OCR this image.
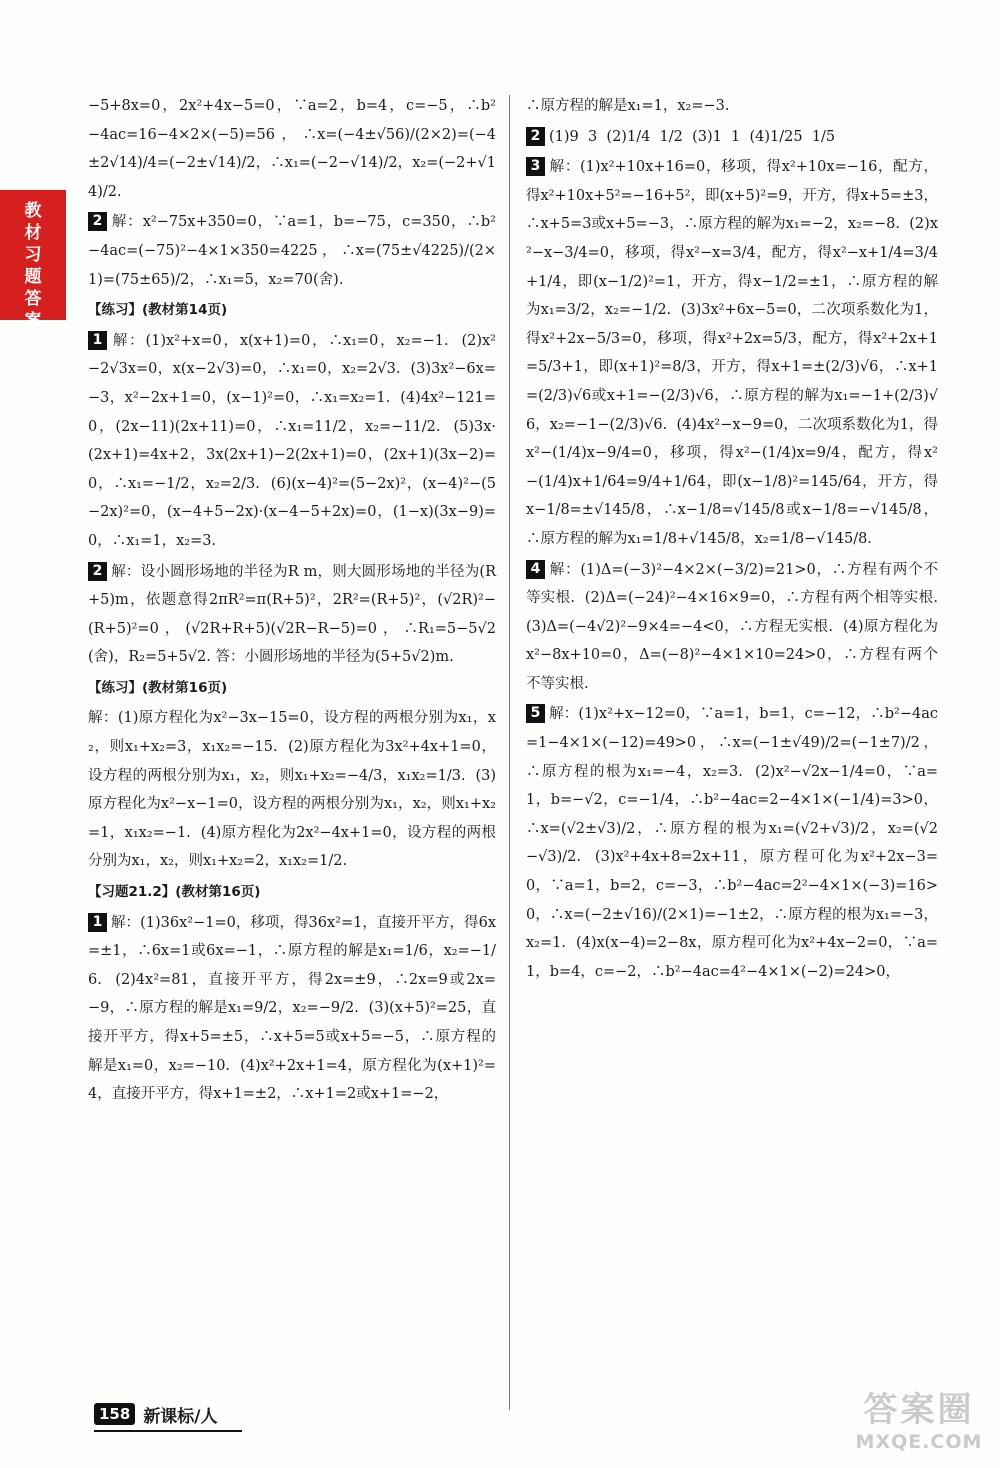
教材习题答案
−5+8x=0，2x²+4x−5=0，∵a=2，b=4，c=−5，∴b²−4ac=16−4×2×(−5)=56，∴x=(−4±√56)/(2×2)=(−4±2√14)/4=(−2±√14)/2，∴x₁=(−2−√14)/2，x₂=(−2+√14)/2.
2 解：x²−75x+350=0，∵a=1，b=−75，c=350，∴b²−4ac=(−75)²−4×1×350=4225，∴x=(75±√4225)/(2×1)=(75±65)/2，∴x₁=5，x₂=70(舍).
【练习】(教材第14页)
1 解：(1)x²+x=0，x(x+1)=0，∴x₁=0，x₂=−1.  (2)x²−2√3x=0，x(x−2√3)=0，∴x₁=0，x₂=2√3.  (3)3x²−6x=−3，x²−2x+1=0，(x−1)²=0，∴x₁=x₂=1.  (4)4x²−121=0，(2x−11)(2x+11)=0，∴x₁=11/2，x₂=−11/2.  (5)3x·(2x+1)=4x+2，3x(2x+1)−2(2x+1)=0，(2x+1)(3x−2)=0，∴x₁=−1/2，x₂=2/3.  (6)(x−4)²=(5−2x)²，(x−4)²−(5−2x)²=0，(x−4+5−2x)·(x−4−5+2x)=0，(1−x)(3x−9)=0，∴x₁=1，x₂=3.
2 解：设小圆形场地的半径为R m，则大圆形场地的半径为(R+5)m，依题意得2πR²=π(R+5)²，2R²=(R+5)²，(√2R)²−(R+5)²=0，(√2R+R+5)(√2R−R−5)=0，∴R₁=5−5√2(舍)，R₂=5+5√2. 答：小圆形场地的半径为(5+5√2)m.
【练习】(教材第16页)
解：(1)原方程化为x²−3x−15=0，设方程的两根分别为x₁，x₂，则x₁+x₂=3，x₁x₂=−15.  (2)原方程化为3x²+4x+1=0，设方程的两根分别为x₁，x₂，则x₁+x₂=−4/3，x₁x₂=1/3.  (3)原方程化为x²−x−1=0，设方程的两根分别为x₁，x₂，则x₁+x₂=1，x₁x₂=−1.  (4)原方程化为2x²−4x+1=0，设方程的两根分别为x₁，x₂，则x₁+x₂=2，x₁x₂=1/2.
【习题21.2】(教材第16页)
1 解：(1)36x²−1=0，移项，得36x²=1，直接开平方，得6x=±1，∴6x=1或6x=−1，∴原方程的解是x₁=1/6，x₂=−1/6.  (2)4x²=81，直接开平方，得2x=±9，∴2x=9或2x=−9，∴原方程的解是x₁=9/2，x₂=−9/2.  (3)(x+5)²=25，直接开平方，得x+5=±5，∴x+5=5或x+5=−5，∴原方程的解是x₁=0，x₂=−10.  (4)x²+2x+1=4，原方程化为(x+1)²=4，直接开平方，得x+1=±2，∴x+1=2或x+1=−2，
∴原方程的解是x₁=1，x₂=−3.
2 (1)9  3  (2)1/4  1/2  (3)1  1  (4)1/25  1/5
3 解：(1)x²+10x+16=0，移项，得x²+10x=−16，配方，得x²+10x+5²=−16+5²，即(x+5)²=9，开方，得x+5=±3，∴x+5=3或x+5=−3，∴原方程的解为x₁=−2，x₂=−8.  (2)x²−x−3/4=0，移项，得x²−x=3/4，配方，得x²−x+1/4=3/4+1/4，即(x−1/2)²=1，开方，得x−1/2=±1，∴原方程的解为x₁=3/2，x₂=−1/2.  (3)3x²+6x−5=0，二次项系数化为1，得x²+2x−5/3=0，移项，得x²+2x=5/3，配方，得x²+2x+1=5/3+1，即(x+1)²=8/3，开方，得x+1=±(2/3)√6，∴x+1=(2/3)√6或x+1=−(2/3)√6，∴原方程的解为x₁=−1+(2/3)√6，x₂=−1−(2/3)√6.  (4)4x²−x−9=0，二次项系数化为1，得x²−(1/4)x−9/4=0，移项，得x²−(1/4)x=9/4，配方，得x²−(1/4)x+1/64=9/4+1/64，即(x−1/8)²=145/64，开方，得x−1/8=±√145/8，∴x−1/8=√145/8或x−1/8=−√145/8，∴原方程的解为x₁=1/8+√145/8，x₂=1/8−√145/8.
4 解：(1)Δ=(−3)²−4×2×(−3/2)=21>0，∴方程有两个不等实根.  (2)Δ=(−24)²−4×16×9=0，∴方程有两个相等实根.  (3)Δ=(−4√2)²−9×4=−4<0，∴方程无实根.  (4)原方程化为x²−8x+10=0，Δ=(−8)²−4×1×10=24>0，∴方程有两个不等实根.
5 解：(1)x²+x−12=0，∵a=1，b=1，c=−12，∴b²−4ac=1−4×1×(−12)=49>0，∴x=(−1±√49)/2=(−1±7)/2，∴原方程的根为x₁=−4，x₂=3.  (2)x²−√2x−1/4=0，∵a=1，b=−√2，c=−1/4，∴b²−4ac=2−4×1×(−1/4)=3>0，∴x=(√2±√3)/2，∴原方程的根为x₁=(√2+√3)/2，x₂=(√2−√3)/2.  (3)x²+4x+8=2x+11，原方程可化为x²+2x−3=0，∵a=1，b=2，c=−3，∴b²−4ac=2²−4×1×(−3)=16>0，∴x=(−2±√16)/(2×1)=−1±2，∴原方程的根为x₁=−3，x₂=1.  (4)x(x−4)=2−8x，原方程可化为x²+4x−2=0，∵a=1，b=4，c=−2，∴b²−4ac=4²−4×1×(−2)=24>0，
158 新课标/人	答案圈
MXQE.COM
